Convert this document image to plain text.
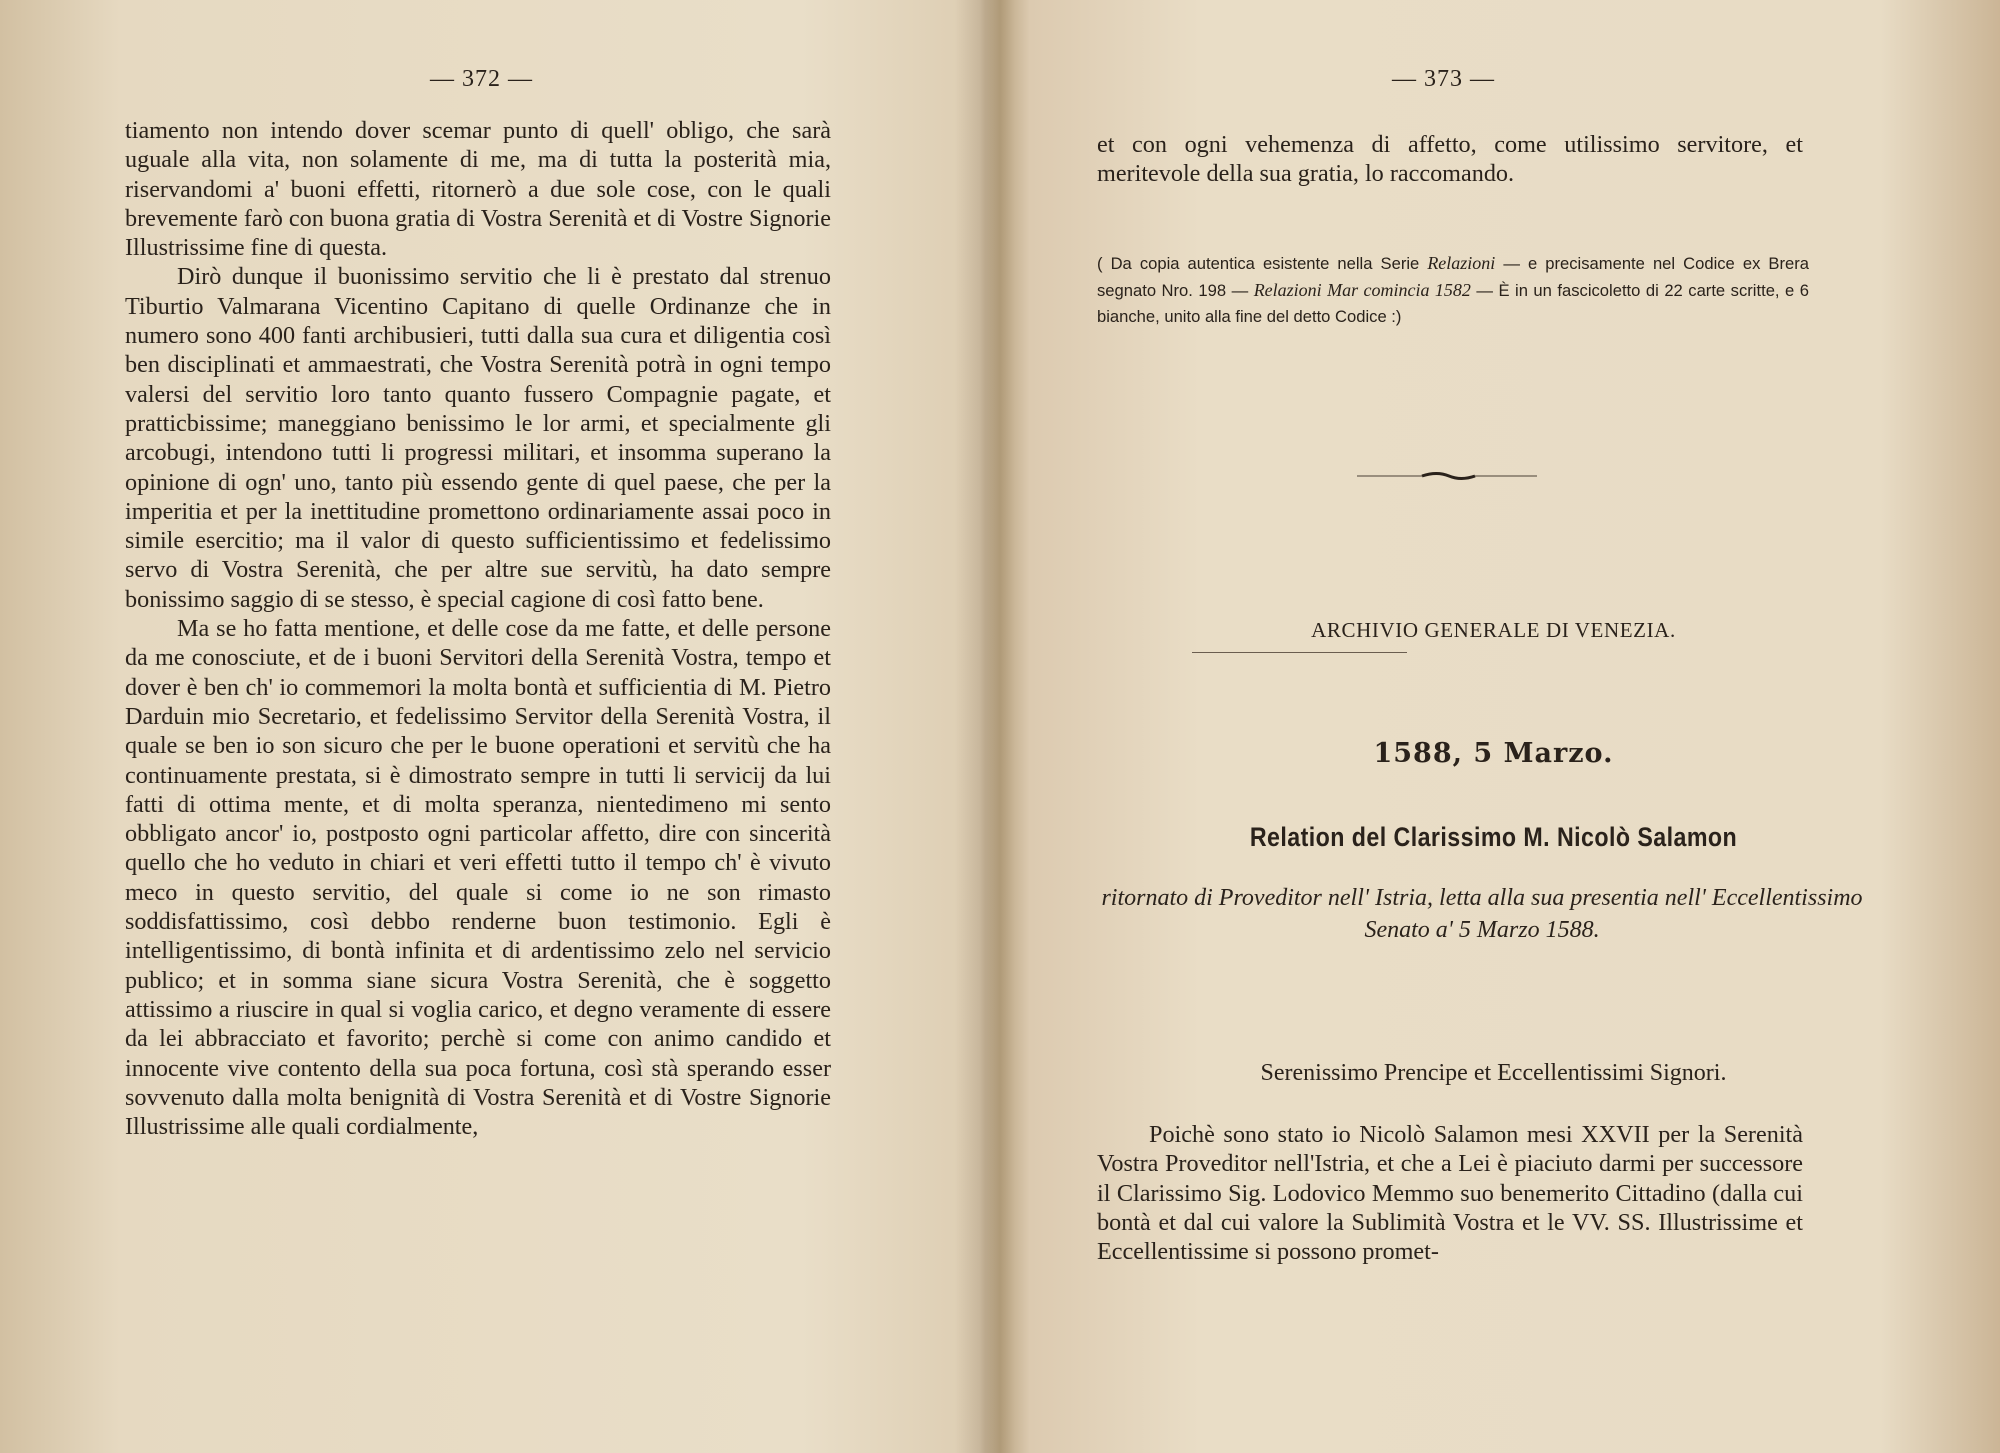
— 372 —

tiamento non intendo dover scemar punto di quell' obligo, che sarà uguale alla vita, non solamente di me, ma di tutta la posterità mia, riservandomi a' buoni effetti, ritornerò a due sole cose, con le quali brevemente farò con buona gratia di Vostra Serenità et di Vostre Signorie Illustrissime fine di questa.

Dirò dunque il buonissimo servitio che li è prestato dal strenuo Tiburtio Valmarana Vicentino Capitano di quelle Ordinanze che in numero sono 400 fanti archibusieri, tutti dalla sua cura et diligentia così ben disciplinati et ammaestrati, che Vostra Serenità potrà in ogni tempo valersi del servitio loro tanto quanto fussero Compagnie pagate, et pratticbissime; maneggiano benissimo le lor armi, et specialmente gli arcobugi, intendono tutti li progressi militari, et insomma superano la opinione di ogn' uno, tanto più essendo gente di quel paese, che per la imperitia et per la inettitudine promettono ordinariamente assai poco in simile esercitio; ma il valor di questo sufficientissimo et fedelissimo servo di Vostra Serenità, che per altre sue servitù, ha dato sempre bonissimo saggio di se stesso, è special cagione di così fatto bene.

Ma se ho fatta mentione, et delle cose da me fatte, et delle persone da me conosciute, et de i buoni Servitori della Serenità Vostra, tempo et dover è ben ch' io commemori la molta bontà et sufficientia di M. Pietro Darduin mio Secretario, et fedelissimo Servitor della Serenità Vostra, il quale se ben io son sicuro che per le buone operationi et servitù che ha continuamente prestata, si è dimostrato sempre in tutti li servicij da lui fatti di ottima mente, et di molta speranza, nientedimeno mi sento obbligato ancor' io, postposto ogni particolar affetto, dire con sincerità quello che ho veduto in chiari et veri effetti tutto il tempo ch' è vivuto meco in questo servitio, del quale si come io ne son rimasto soddisfattissimo, così debbo renderne buon testimonio. Egli è intelligentissimo, di bontà infinita et di ardentissimo zelo nel servicio publico; et in somma siane sicura Vostra Serenità, che è soggetto attissimo a riuscire in qual si voglia carico, et degno veramente di essere da lei abbracciato et favorito; perchè si come con animo candido et innocente vive contento della sua poca fortuna, così stà sperando esser sovvenuto dalla molta benignità di Vostra Serenità et di Vostre Signorie Illustrissime alle quali cordialmente,

— 373 —
et con ogni vehemenza di affetto, come utilissimo servitore, et meritevole della sua gratia, lo raccomando.
( Da copia autentica esistente nella Serie Relazioni — e precisamente nel Codice ex Brera segnato Nro. 198 — Relazioni Mar cominciа 1582 — È in un fascicoletto di 22 carte scritte, e 6 bianche, unito alla fine del detto Codice :)
ARCHIVIO GENERALE DI VENEZIA.
1588, 5 Marzo.
Relation del Clarissimo M. Nicolò Salamon
ritornato di Proveditor nell' Istria, letta alla sua presentia nell' Eccellentissimo Senato a' 5 Marzo 1588.
Serenissimo Prencipe et Eccellentissimi Signori.

Poichè sono stato io Nicolò Salamon mesi XXVII per la Serenità Vostra Proveditor nell'Istria, et che a Lei è piaciuto darmi per successore il Clarissimo Sig. Lodovico Memmo suo benemerito Cittadino (dalla cui bontà et dal cui valore la Sublimità Vostra et le VV. SS. Illustrissime et Eccellentissime si possono promet-
